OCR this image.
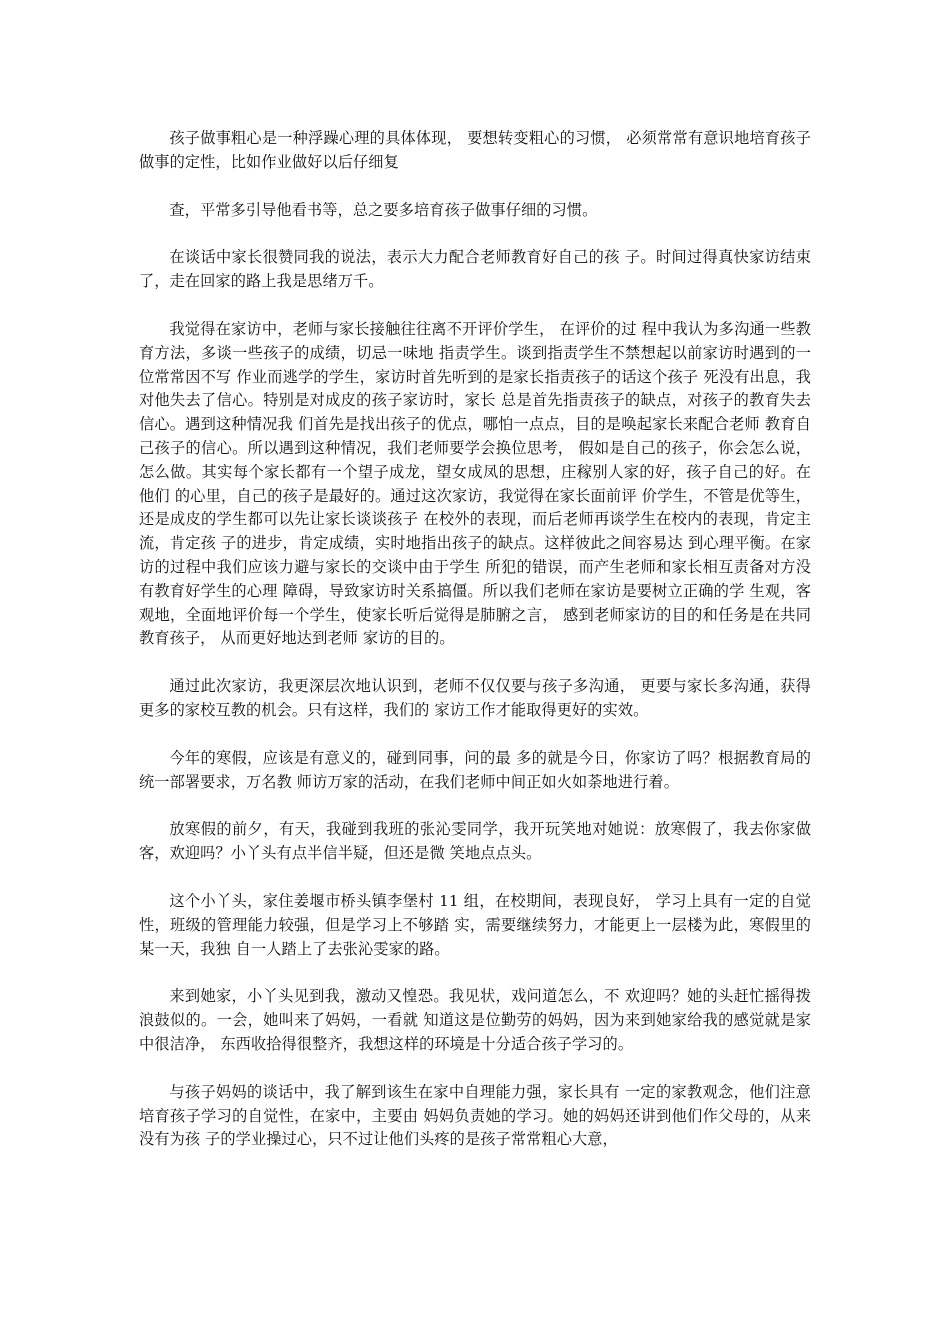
孩子做事粗心是一种浮躁心理的具体体现， 要想转变粗心的习惯， 必须常常有意识地培育孩子做事的定性，比如作业做好以后仔细复

查，平常多引导他看书等，总之要多培育孩子做事仔细的习惯。

在谈话中家长很赞同我的说法，表示大力配合老师教育好自己的孩 子。时间过得真快家访结束了，走在回家的路上我是思绪万千。

我觉得在家访中，老师与家长接触往往离不开评价学生， 在评价的过 程中我认为多沟通一些教育方法，多谈一些孩子的成绩，切忌一味地 指责学生。谈到指责学生不禁想起以前家访时遇到的一位常常因不写 作业而逃学的学生，家访时首先听到的是家长指责孩子的话这个孩子 死没有出息，我对他失去了信心。特别是对成皮的孩子家访时，家长 总是首先指责孩子的缺点，对孩子的教育失去信心。遇到这种情况我 们首先是找出孩子的优点，哪怕一点点，目的是唤起家长来配合老师 教育自己孩子的信心。所以遇到这种情况，我们老师要学会换位思考， 假如是自己的孩子，你会怎么说，怎么做。其实每个家长都有一个望子成龙，望女成凤的思想，庄稼别人家的好，孩子自己的好。在他们 的心里，自己的孩子是最好的。通过这次家访，我觉得在家长面前评 价学生，不管是优等生，还是成皮的学生都可以先让家长谈谈孩子 在校外的表现，而后老师再谈学生在校内的表现，肯定主流，肯定孩 子的进步，肯定成绩，实时地指出孩子的缺点。这样彼此之间容易达 到心理平衡。在家访的过程中我们应该力避与家长的交谈中由于学生 所犯的错误，而产生老师和家长相互责备对方没有教育好学生的心理 障碍，导致家访时关系搞僵。所以我们老师在家访是要树立正确的学 生观，客观地，全面地评价每一个学生，使家长听后觉得是肺腑之言， 感到老师家访的目的和任务是在共同教育孩子， 从而更好地达到老师 家访的目的。

通过此次家访，我更深层次地认识到，老师不仅仅要与孩子多沟通， 更要与家长多沟通，获得更多的家校互教的机会。只有这样，我们的 家访工作才能取得更好的实效。

今年的寒假，应该是有意义的，碰到同事，问的最 多的就是今日，你家访了吗？根据教育局的统一部署要求，万名教 师访万家的活动，在我们老师中间正如火如荼地进行着。

放寒假的前夕，有天，我碰到我班的张沁雯同学，我开玩笑地对她说：放寒假了，我去你家做客，欢迎吗？小丫头有点半信半疑，但还是微 笑地点点头。

这个小丫头，家住姜堰市桥头镇李堡村 11 组，在校期间，表现良好， 学习上具有一定的自觉性，班级的管理能力较强，但是学习上不够踏 实，需要继续努力，才能更上一层楼为此，寒假里的某一天，我独 自一人踏上了去张沁雯家的路。

来到她家，小丫头见到我，激动又惶恐。我见状，戏问道怎么，不 欢迎吗？她的头赶忙摇得拨浪鼓似的。一会，她叫来了妈妈，一看就 知道这是位勤劳的妈妈，因为来到她家给我的感觉就是家中很洁净， 东西收拾得很整齐，我想这样的环境是十分适合孩子学习的。

与孩子妈妈的谈话中，我了解到该生在家中自理能力强，家长具有 一定的家教观念，他们注意培育孩子学习的自觉性，在家中，主要由 妈妈负责她的学习。她的妈妈还讲到他们作父母的，从来没有为孩 子的学业操过心，只不过让他们头疼的是孩子常常粗心大意，
